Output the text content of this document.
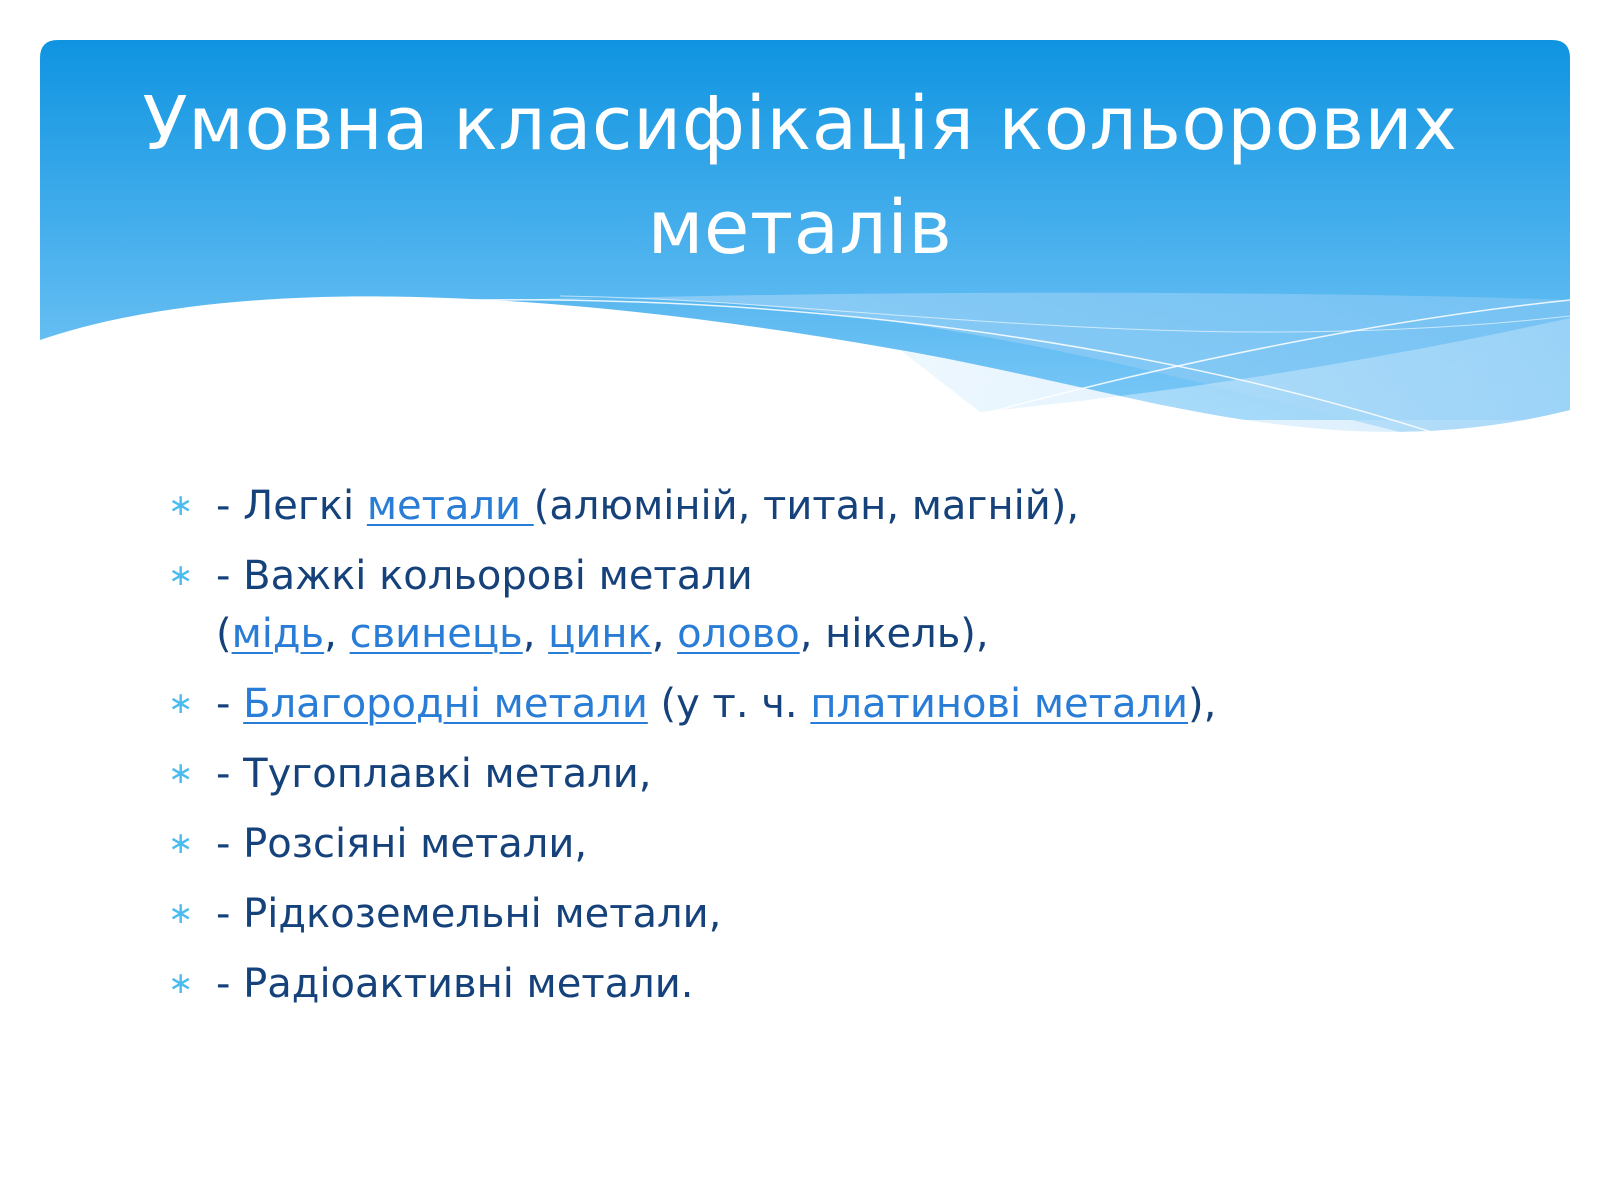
Умовна класифікація кольорових металів
∗ - Легкі метали (алюміній, титан, магній),
∗ - Важкі кольорові метали
(мідь, свинець, цинк, олово, нікель),
∗ - Благородні метали (у т. ч. платинові метали),
∗ - Тугоплавкі метали,
∗ - Розсіяні метали,
∗ - Рідкоземельні метали,
∗ - Радіоактивні метали.
